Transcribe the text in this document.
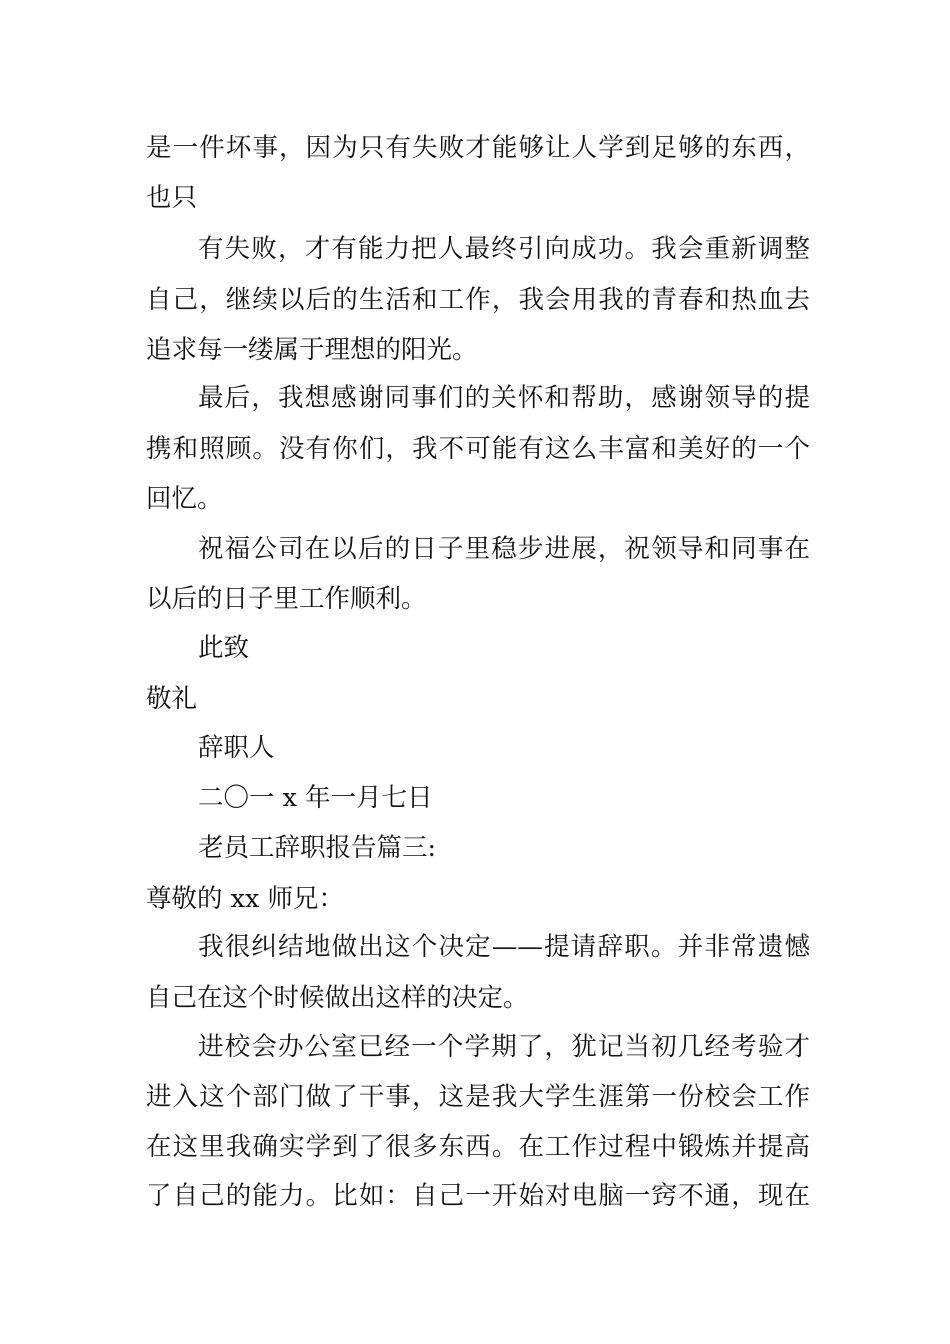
是一件坏事，因为只有失败才能够让人学到足够的东西，

也只

有失败，才有能力把人最终引向成功。我会重新调整

自己，继续以后的生活和工作，我会用我的青春和热血去

追求每一缕属于理想的阳光。

最后，我想感谢同事们的关怀和帮助，感谢领导的提

携和照顾。没有你们，我不可能有这么丰富和美好的一个

回忆。

祝福公司在以后的日子里稳步进展，祝领导和同事在

以后的日子里工作顺利。

此致

敬礼

辞职人

二〇一 x 年一月七日

老员工辞职报告篇三:

尊敬的 xx 师兄：

我很纠结地做出这个决定——提请辞职。并非常遗憾

自己在这个时候做出这样的决定。

进校会办公室已经一个学期了，犹记当初几经考验才

进入这个部门做了干事，这是我大学生涯第一份校会工作

在这里我确实学到了很多东西。在工作过程中锻炼并提高

了自己的能力。比如：自己一开始对电脑一窍不通，现在
